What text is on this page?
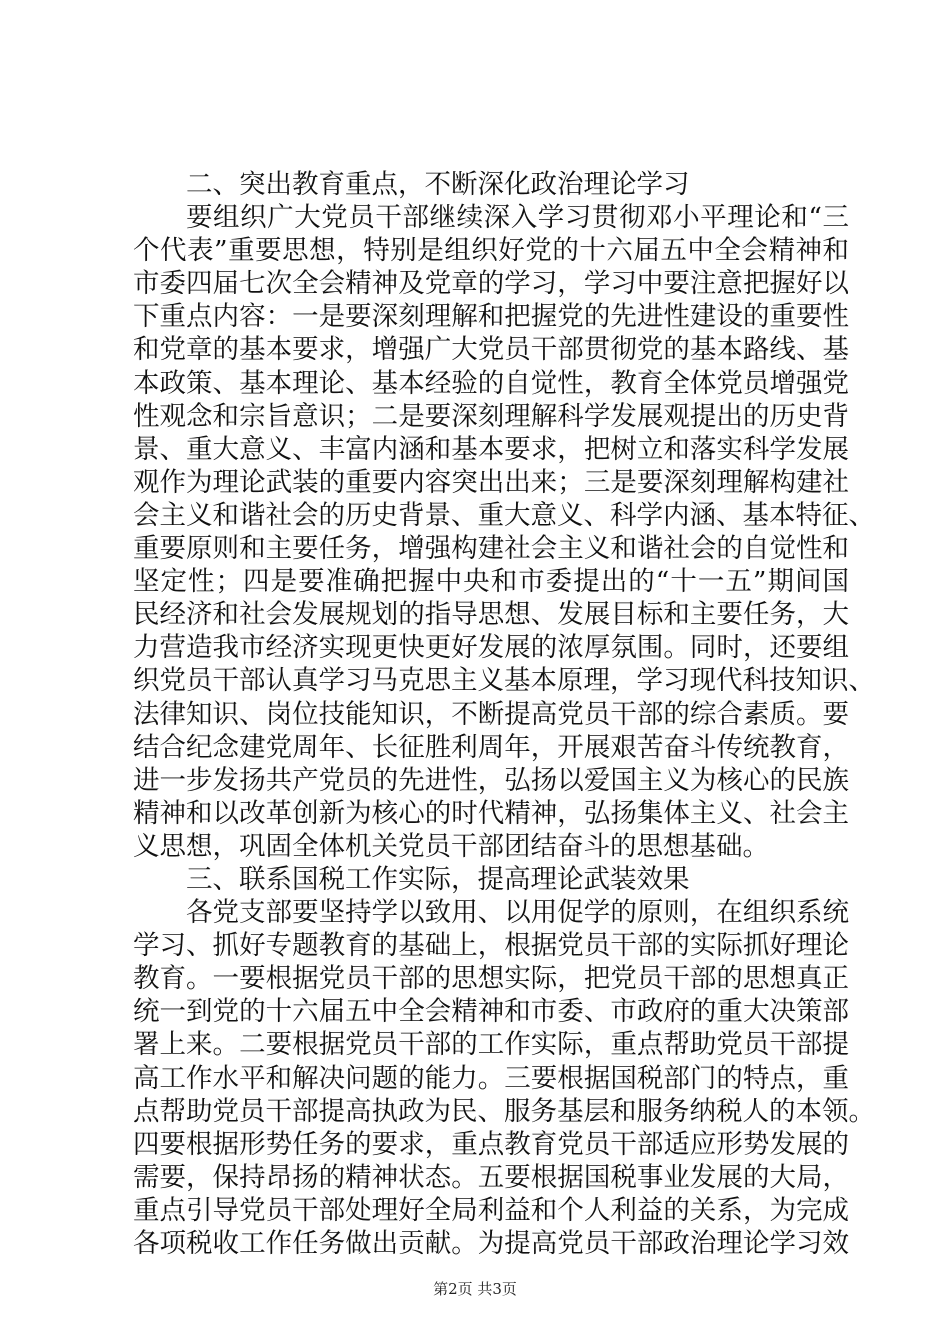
二、突出教育重点，不断深化政治理论学习
要组织广大党员干部继续深入学习贯彻邓小平理论和“三
个代表”重要思想，特别是组织好党的十六届五中全会精神和
市委四届七次全会精神及党章的学习，学习中要注意把握好以
下重点内容：一是要深刻理解和把握党的先进性建设的重要性
和党章的基本要求，增强广大党员干部贯彻党的基本路线、基
本政策、基本理论、基本经验的自觉性，教育全体党员增强党
性观念和宗旨意识；二是要深刻理解科学发展观提出的历史背
景、重大意义、丰富内涵和基本要求，把树立和落实科学发展
观作为理论武装的重要内容突出出来；三是要深刻理解构建社
会主义和谐社会的历史背景、重大意义、科学内涵、基本特征、
重要原则和主要任务，增强构建社会主义和谐社会的自觉性和
坚定性；四是要准确把握中央和市委提出的“十一五”期间国
民经济和社会发展规划的指导思想、发展目标和主要任务，大
力营造我市经济实现更快更好发展的浓厚氛围。同时，还要组
织党员干部认真学习马克思主义基本原理，学习现代科技知识、
法律知识、岗位技能知识，不断提高党员干部的综合素质。要
结合纪念建党周年、长征胜利周年，开展艰苦奋斗传统教育，
进一步发扬共产党员的先进性，弘扬以爱国主义为核心的民族
精神和以改革创新为核心的时代精神，弘扬集体主义、社会主
义思想，巩固全体机关党员干部团结奋斗的思想基础。
三、联系国税工作实际，提高理论武装效果
各党支部要坚持学以致用、以用促学的原则，在组织系统
学习、抓好专题教育的基础上，根据党员干部的实际抓好理论
教育。一要根据党员干部的思想实际，把党员干部的思想真正
统一到党的十六届五中全会精神和市委、市政府的重大决策部
署上来。二要根据党员干部的工作实际，重点帮助党员干部提
高工作水平和解决问题的能力。三要根据国税部门的特点，重
点帮助党员干部提高执政为民、服务基层和服务纳税人的本领。
四要根据形势任务的要求，重点教育党员干部适应形势发展的
需要，保持昂扬的精神状态。五要根据国税事业发展的大局，
重点引导党员干部处理好全局利益和个人利益的关系，为完成
各项税收工作任务做出贡献。为提高党员干部政治理论学习效
第2页 共3页
